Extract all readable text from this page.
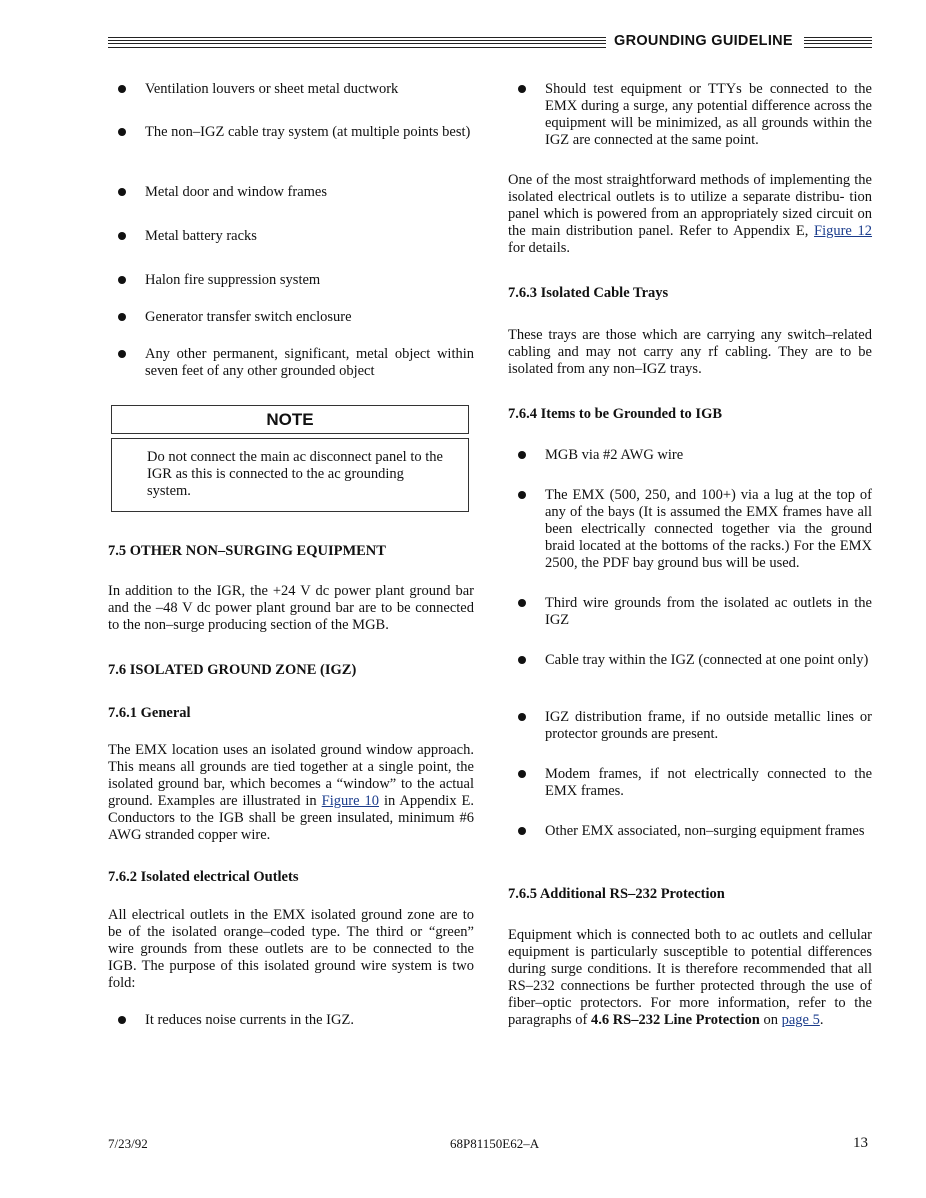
GROUNDING GUIDELINE
Ventilation louvers or sheet metal ductwork
The non–IGZ cable tray system (at multiple points best)
Metal door and window frames
Metal battery racks
Halon fire suppression system
Generator transfer switch enclosure
Any other permanent, significant, metal object within seven feet of any other grounded object
NOTE
Do not connect the main ac disconnect panel to the IGR as this is connected to the ac grounding system.
7.5 OTHER NON–SURGING EQUIPMENT
In addition to the IGR, the +24 V dc power plant ground bar and the –48 V dc power plant ground bar are to be connected to the non–surge producing section of the MGB.
7.6 ISOLATED GROUND ZONE (IGZ)
7.6.1 General
The EMX location uses an isolated ground window approach. This means all grounds are tied together at a single point, the isolated ground bar, which becomes a “window” to the actual ground. Examples are illustrated in Figure 10 in Appendix E. Conductors to the IGB shall be green insulated, minimum #6 AWG stranded copper wire.
7.6.2 Isolated electrical Outlets
All electrical outlets in the EMX isolated ground zone are to be of the isolated orange–coded type. The third or “green” wire grounds from these outlets are to be connected to the IGB. The purpose of this isolated ground wire system is two fold:
It reduces noise currents in the IGZ.
Should test equipment or TTYs be connected to the EMX during a surge, any potential difference across the equipment will be minimized, as all grounds within the IGZ are connected at the same point.
One of the most straightforward methods of implementing the isolated electrical outlets is to utilize a separate distribu- tion panel which is powered from an appropriately sized circuit on the main distribution panel. Refer to Appendix E, Figure 12 for details.
7.6.3 Isolated Cable Trays
These trays are those which are carrying any switch–related cabling and may not carry any rf cabling. They are to be isolated from any non–IGZ trays.
7.6.4 Items to be Grounded to IGB
MGB via #2 AWG wire
The EMX (500, 250, and 100+) via a lug at the top of any of the bays (It is assumed the EMX frames have all been electrically connected together via the ground braid located at the bottoms of the racks.) For the EMX 2500, the PDF bay ground bus will be used.
Third wire grounds from the isolated ac outlets in the IGZ
Cable tray within the IGZ (connected at one point only)
IGZ distribution frame, if no outside metallic lines or protector grounds are present.
Modem frames, if not electrically connected to the EMX frames.
Other EMX associated, non–surging equipment frames
7.6.5 Additional RS–232 Protection
Equipment which is connected both to ac outlets and cellular equipment is particularly susceptible to potential differences during surge conditions. It is therefore recommended that all RS–232 connections be further protected through the use of fiber–optic protectors. For more information, refer to the paragraphs of 4.6 RS–232 Line Protection on page 5.
7/23/92	68P81150E62–A	13
